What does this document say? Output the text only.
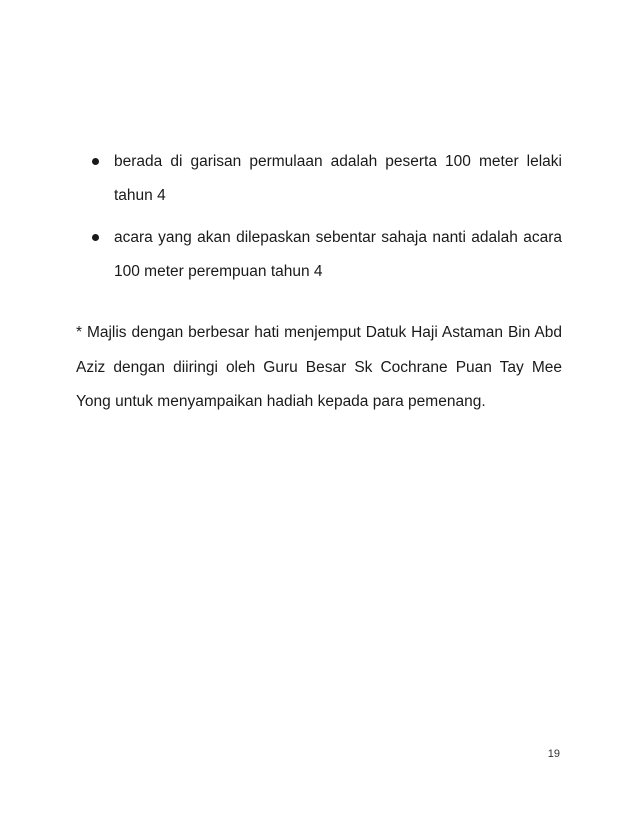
berada di garisan permulaan adalah peserta 100 meter lelaki tahun 4
acara yang akan dilepaskan sebentar sahaja nanti adalah acara 100 meter perempuan tahun 4

* Majlis dengan berbesar hati menjemput Datuk Haji Astaman Bin Abd Aziz dengan diiringi oleh Guru Besar Sk Cochrane Puan Tay Mee Yong untuk menyampaikan hadiah kepada para pemenang.

19
